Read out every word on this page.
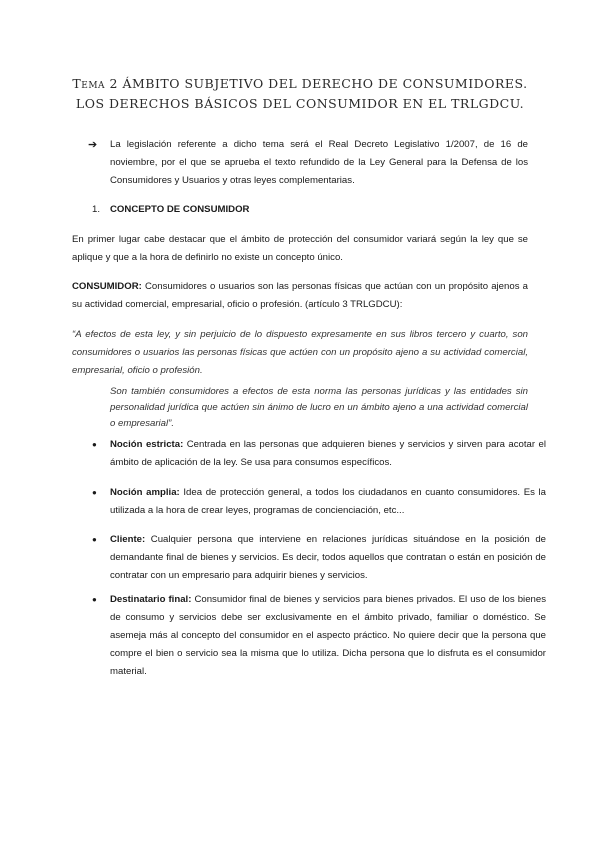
Tema 2 ÁMBITO SUBJETIVO DEL DERECHO DE CONSUMIDORES. LOS DERECHOS BÁSICOS DEL CONSUMIDOR EN EL TRLGDCU.
➔ La legislación referente a dicho tema será el Real Decreto Legislativo 1/2007, de 16 de noviembre, por el que se aprueba el texto refundido de la Ley General para la Defensa de los Consumidores y Usuarios y otras leyes complementarias.

1. CONCEPTO DE CONSUMIDOR

En primer lugar cabe destacar que el ámbito de protección del consumidor variará según la ley que se aplique y que a la hora de definirlo no existe un concepto único.

CONSUMIDOR: Consumidores o usuarios son las personas físicas que actúan con un propósito ajenos a su actividad comercial, empresarial, oficio o profesión. (artículo 3 TRLGDCU):

“A efectos de esta ley, y sin perjuicio de lo dispuesto expresamente en sus libros tercero y cuarto, son consumidores o usuarios las personas físicas que actúen con un propósito ajeno a su actividad comercial, empresarial, oficio o profesión.

Son también consumidores a efectos de esta norma las personas jurídicas y las entidades sin personalidad jurídica que actúen sin ánimo de lucro en un ámbito ajeno a una actividad comercial o empresarial”.

● Noción estricta: Centrada en las personas que adquieren bienes y servicios y sirven para acotar el ámbito de aplicación de la ley. Se usa para consumos específicos.
● Noción amplia: Idea de protección general, a todos los ciudadanos en cuanto consumidores. Es la utilizada a la hora de crear leyes, programas de concienciación, etc...
● Cliente: Cualquier persona que interviene en relaciones jurídicas situándose en la posición de demandante final de bienes y servicios. Es decir, todos aquellos que contratan o están en posición de contratar con un empresario para adquirir bienes y servicios.
● Destinatario final: Consumidor final de bienes y servicios para bienes privados. El uso de los bienes de consumo y servicios debe ser exclusivamente en el ámbito privado, familiar o doméstico. Se asemeja más al concepto del consumidor en el aspecto práctico. No quiere decir que la persona que compre el bien o servicio sea la misma que lo utiliza. Dicha persona que lo disfruta es el consumidor material.
